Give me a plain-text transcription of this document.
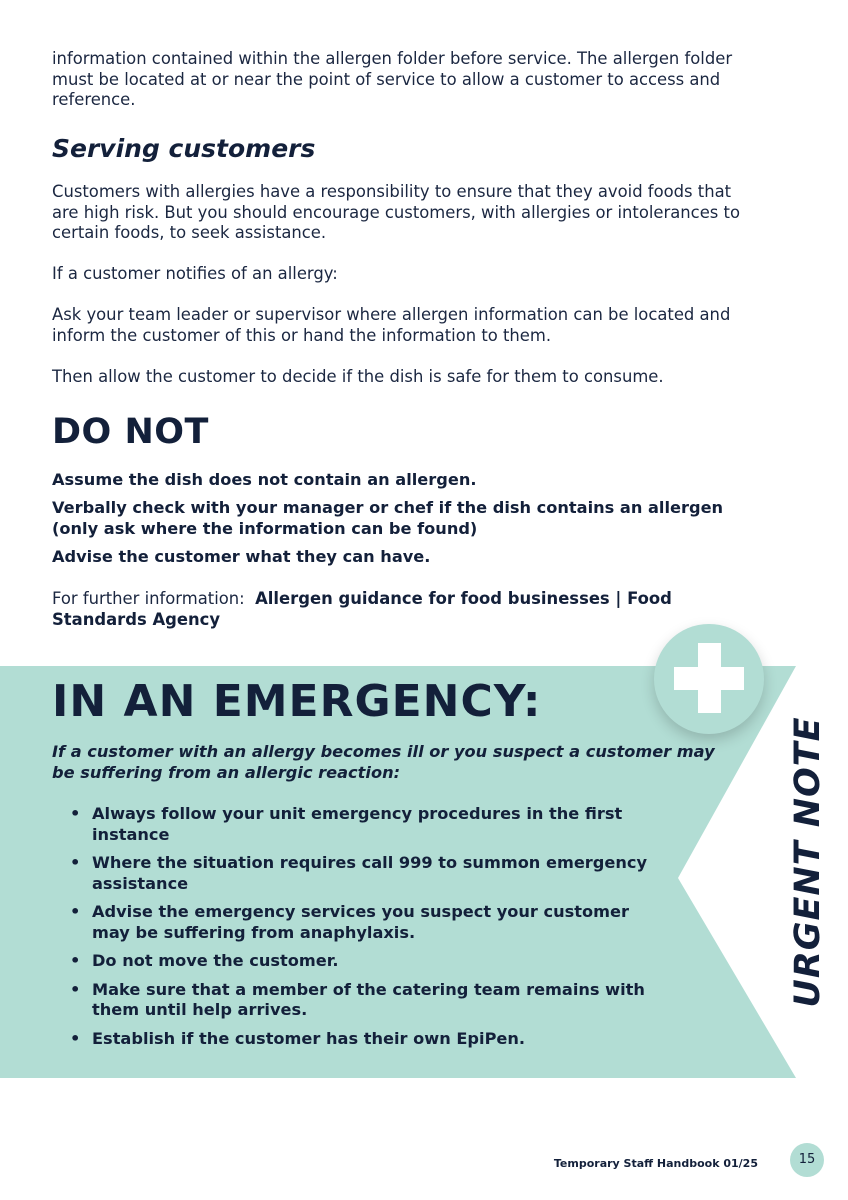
information contained within the allergen folder before service. The allergen folder must be located at or near the point of service to allow a customer to access and reference.

Serving customers

Customers with allergies have a responsibility to ensure that they avoid foods that are high risk. But you should encourage customers, with allergies or intolerances to certain foods, to seek assistance.

If a customer notifies of an allergy:

Ask your team leader or supervisor where allergen information can be located and inform the customer of this or hand the information to them.

Then allow the customer to decide if the dish is safe for them to consume.

DO NOT

Assume the dish does not contain an allergen.

Verbally check with your manager or chef if the dish contains an allergen (only ask where the information can be found)

Advise the customer what they can have.

For further information: Allergen guidance for food businesses | Food Standards Agency

IN AN EMERGENCY:

If a customer with an allergy becomes ill or you suspect a customer may be suffering from an allergic reaction:

• Always follow your unit emergency procedures in the first instance
• Where the situation requires call 999 to summon emergency assistance
• Advise the emergency services you suspect your customer may be suffering from anaphylaxis.
• Do not move the customer.
• Make sure that a member of the catering team remains with them until help arrives.
• Establish if the customer has their own EpiPen.
URGENT NOTE
Temporary Staff Handbook 01/25	15
